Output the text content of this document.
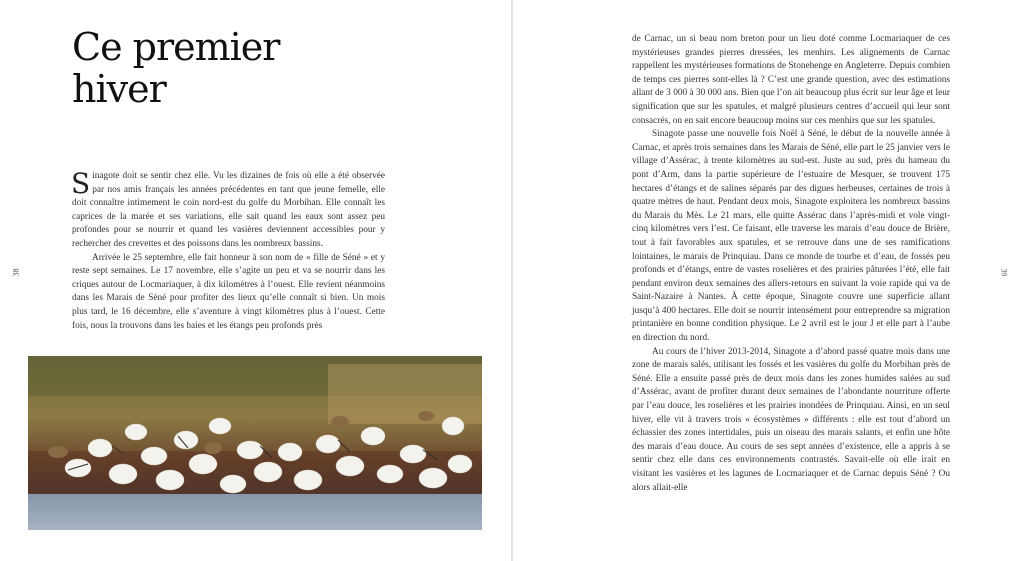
Ce premier
hiver

Sinagote doit se sentir chez elle. Vu les dizaines de fois où elle a été observée par nos amis français les années précédentes en tant que jeune femelle, elle doit connaître intimement le coin nord-est du golfe du Morbihan. Elle connaît les caprices de la marée et ses variations, elle sait quand les eaux sont assez peu profondes pour se nourrir et quand les vasières deviennent accessibles pour y rechercher des crevettes et des poissons dans les nombreux bassins.

Arrivée le 25 septembre, elle fait honneur à son nom de « fille de Séné » et y reste sept semaines. Le 17 novembre, elle s’agite un peu et va se nourrir dans les criques autour de Locmariaquer, à dix kilomètres à l’ouest. Elle revient néanmoins dans les Marais de Séné pour profiter des lieux qu’elle connaît si bien. Un mois plus tard, le 16 décembre, elle s’aventure à vingt kilomètres plus à l’ouest. Cette fois, nous la trouvons dans les baies et les étangs peu profonds près

38

de Carnac, un si beau nom breton pour un lieu doté comme Locmariaquer de ces mystérieuses grandes pierres dressées, les menhirs. Les alignements de Carnac rappellent les mystérieuses formations de Stonehenge en Angleterre. Depuis combien de temps ces pierres sont-elles là ? C’est une grande question, avec des estimations allant de 3 000 à 30 000 ans. Bien que l’on ait beaucoup plus écrit sur leur âge et leur signification que sur les spatules, et malgré plusieurs centres d’accueil qui leur sont consacrés, on en sait encore beaucoup moins sur ces menhirs que sur les spatules.

Sinagote passe une nouvelle fois Noël à Séné, le début de la nouvelle année à Carnac, et après trois semaines dans les Marais de Séné, elle part le 25 janvier vers le village d’Assérac, à trente kilomètres au sud-est. Juste au sud, près du hameau du pont d’Arm, dans la partie supérieure de l’estuaire de Mesquer, se trouvent 175 hectares d’étangs et de salines séparés par des digues herbeuses, certaines de trois à quatre mètres de haut. Pendant deux mois, Sinagote exploitera les nombreux bassins du Marais du Mès. Le 21 mars, elle quitte Assérac dans l’après-midi et vole vingt-cinq kilomètres vers l’est. Ce faisant, elle traverse les marais d’eau douce de Brière, tout à fait favorables aux spatules, et se retrouve dans une de ses ramifications lointaines, le marais de Prinquiau. Dans ce monde de tourbe et d’eau, de fossés peu profonds et d’étangs, entre de vastes roselières et des prairies pâturées l’été, elle fait pendant environ deux semaines des allers-retours en suivant la voie rapide qui va de Saint-Nazaire à Nantes. À cette époque, Sinagote couvre une superficie allant jusqu’à 400 hectares. Elle doit se nourrir intensément pour entreprendre sa migration printanière en bonne condition physique. Le 2 avril est le jour J et elle part à l’aube en direction du nord.

Au cours de l’hiver 2013-2014, Sinagote a d’abord passé quatre mois dans une zone de marais salés, utilisant les fossés et les vasières du golfe du Morbihan près de Séné. Elle a ensuite passé près de deux mois dans les zones humides salées au sud d’Assérac, avant de profiter durant deux semaines de l’abondante nourriture offerte par l’eau douce, les roselières et les prairies inondées de Prinquiau. Ainsi, en un seul hiver, elle vit à travers trois « écosystèmes » différents : elle est tout d’abord un échassier des zones intertidales, puis un oiseau des marais salants, et enfin une hôte des marais d’eau douce. Au cours de ses sept années d’existence, elle a appris à se sentir chez elle dans ces environnements contrastés. Savait-elle où elle irait en visitant les vasières et les lagunes de Locmariaquer et de Carnac depuis Séné ? Ou alors allait-elle

39
